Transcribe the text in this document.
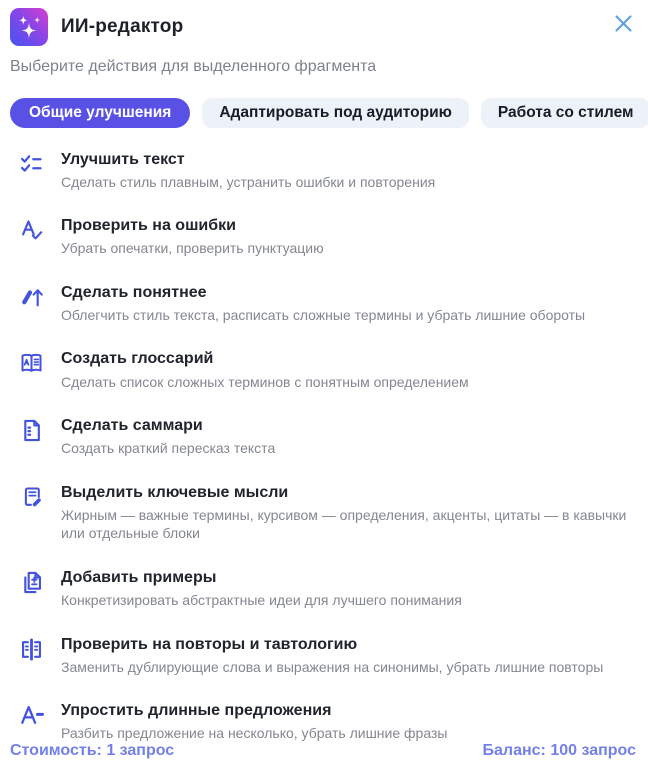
ИИ-редактор
Выберите действия для выделенного фрагмента
Общие улучшения	Адаптировать под аудиторию	Работа со стилем
Улучшить текст
Сделать стиль плавным, устранить ошибки и повторения
Проверить на ошибки
Убрать опечатки, проверить пунктуацию
Сделать понятнее
Облегчить стиль текста, расписать сложные термины и убрать лишние обороты
Создать глоссарий
Сделать список сложных терминов с понятным определением
Сделать саммари
Создать краткий пересказ текста
Выделить ключевые мысли
Жирным — важные термины, курсивом — определения, акценты, цитаты — в кавычки или отдельные блоки
Добавить примеры
Конкретизировать абстрактные идеи для лучшего понимания
Проверить на повторы и тавтологию
Заменить дублирующие слова и выражения на синонимы, убрать лишние повторы
Упростить длинные предложения
Разбить предложение на несколько, убрать лишние фразы
Стоимость: 1 запрос	Баланс: 100 запрос
